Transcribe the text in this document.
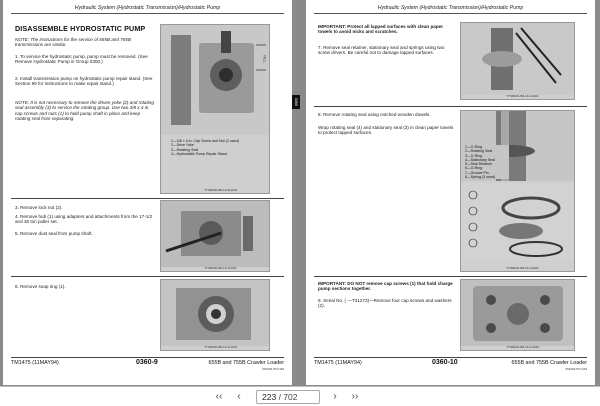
Hydraulic System (Hydrostatic Transmission)/Hydrostatic Pump
DISASSEMBLE HYDROSTATIC PUMP
NOTE: The instructions for the service of 655B and 755B transmissions are similar.
1. To service the hydrostatic pump, pump must be removed. (See Remove Hydrostatic Pump in Group 0300.)
2. Install transmission pump on hydrostatic pump repair stand. (See Section 99 for instructions to make repair stand.)
NOTE: It is not necessary to remove the driven yoke (2) and rotating seal assembly (3) to service the rotating group. Use two 3/8 x 4 in. cap screws and nuts (1) to hold pump shaft in place and keep rotating seal from separating.
1—3/8 × 4 in. Cap Screw and Nut (2 used)
2—Drive Yoke
3—Rotating Seal
4—Hydrostatic Pump Repair Stand
T7N9
T7N9001H56-19-01sk94
3. Remove lock nut (2).
4. Remove hub (1) using adapters and attachments from the 17-1/2 and 30 ton puller set.
5. Remove dust seal from pump shaft.
T7N9001H56-19-14ct94
6. Remove snap ring (1).
T7N9001H56-19-17sk94
TM1475 (11MAY94)	0360-9	655B and 755B Crawler Loader
051094 PN=118
0360
Hydraulic System (Hydrostatic Transmission)/Hydrostatic Pump
IMPORTANT: Protect all lapped surfaces with clean paper towels to avoid nicks and scratches.
7. Remove seal retainer, stationary seal and springs using two screw drivers. Be careful not to damage lapped surfaces.
T7N9001H56-19-14ct94
8. Remove rotating seal using notched wooden dowels.
Wrap rotating seal (4) and stationary seal (3) in clean paper towels to protect lapped surfaces.
1—O-Ring
2—Rotating Seal
3—O-Ring
4—Stationary Seal
5—Seal Retainer
6—O-Ring
7—Groove Pin
8—Spring (3 used)
T7N9001H56-19-14ct94
IMPORTANT: DO NOT remove cap screws (1) that hold charge pump sections together.
9. Serial No. ( —T31273)—Remove four cap screws and washers (2).
T7N9001H56-19-17sk94
TM1475 (11MAY94)	0360-10	655B and 755B Crawler Loader
051094 PN=119
‹‹	‹	223 / 702	›	››
